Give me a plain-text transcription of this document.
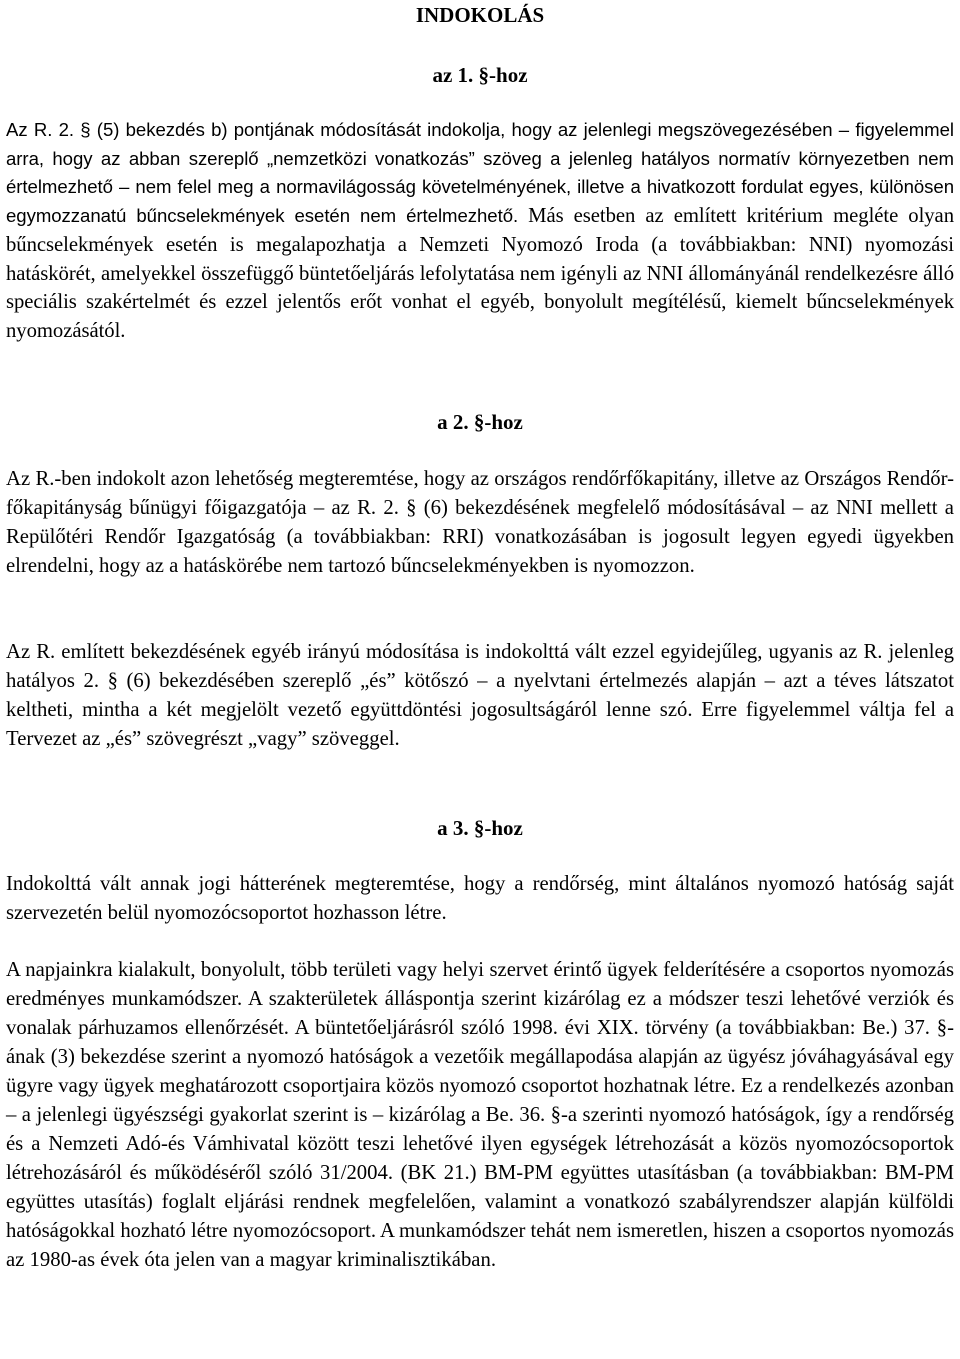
INDOKOLÁS
az 1. §-hoz

Az R. 2. § (5) bekezdés b) pontjának módosítását indokolja, hogy az jelenlegi megszövegezésében – figyelemmel arra, hogy az abban szereplő „nemzetközi vonatkozás” szöveg a jelenleg hatályos normatív környezetben nem értelmezhető – nem felel meg a normavilágosság követelményének, illetve a hivatkozott fordulat egyes, különösen egymozzanatú bűncselekmények esetén nem értelmezhető. Más esetben az említett kritérium megléte olyan bűncselekmények esetén is megalapozhatja a Nemzeti Nyomozó Iroda (a továbbiakban: NNI) nyomozási hatáskörét, amelyekkel összefüggő büntetőeljárás lefolytatása nem igényli az NNI állományánál rendelkezésre álló speciális szakértelmét és ezzel jelentős erőt vonhat el egyéb, bonyolult megítélésű, kiemelt bűncselekmények nyomozásától.

a 2. §-hoz

Az R.-ben indokolt azon lehetőség megteremtése, hogy az országos rendőrfőkapitány, illetve az Országos Rendőr-főkapitányság bűnügyi főigazgatója – az R. 2. § (6) bekezdésének megfelelő módosításával – az NNI mellett a Repülőtéri Rendőr Igazgatóság (a továbbiakban: RRI) vonatkozásában is jogosult legyen egyedi ügyekben elrendelni, hogy az a hatáskörébe nem tartozó bűncselekményekben is nyomozzon.

Az R. említett bekezdésének egyéb irányú módosítása is indokolttá vált ezzel egyidejűleg, ugyanis az R. jelenleg hatályos 2. § (6) bekezdésében szereplő „és” kötőszó – a nyelvtani értelmezés alapján – azt a téves látszatot keltheti, mintha a két megjelölt vezető együttdöntési jogosultságáról lenne szó. Erre figyelemmel váltja fel a Tervezet az „és” szövegrészt „vagy” szöveggel.

a 3. §-hoz

Indokolttá vált annak jogi hátterének megteremtése, hogy a rendőrség, mint általános nyomozó hatóság saját szervezetén belül nyomozócsoportot hozhasson létre.

A napjainkra kialakult, bonyolult, több területi vagy helyi szervet érintő ügyek felderítésére a csoportos nyomozás eredményes munkamódszer. A szakterületek álláspontja szerint kizárólag ez a módszer teszi lehetővé verziók és vonalak párhuzamos ellenőrzését. A büntetőeljárásról szóló 1998. évi XIX. törvény (a továbbiakban: Be.) 37. §-ának (3) bekezdése szerint a nyomozó hatóságok a vezetőik megállapodása alapján az ügyész jóváhagyásával egy ügyre vagy ügyek meghatározott csoportjaira közös nyomozó csoportot hozhatnak létre. Ez a rendelkezés azonban – a jelenlegi ügyészségi gyakorlat szerint is – kizárólag a Be. 36. §-a szerinti nyomozó hatóságok, így a rendőrség és a Nemzeti Adó-és Vámhivatal között teszi lehetővé ilyen egységek létrehozását a közös nyomozócsoportok létrehozásáról és működéséről szóló 31/2004. (BK 21.) BM-PM együttes utasításban (a továbbiakban: BM-PM együttes utasítás) foglalt eljárási rendnek megfelelően, valamint a vonatkozó szabályrendszer alapján külföldi hatóságokkal hozható létre nyomozócsoport. A munkamódszer tehát nem ismeretlen, hiszen a csoportos nyomozás az 1980-as évek óta jelen van a magyar kriminalisztikában.
